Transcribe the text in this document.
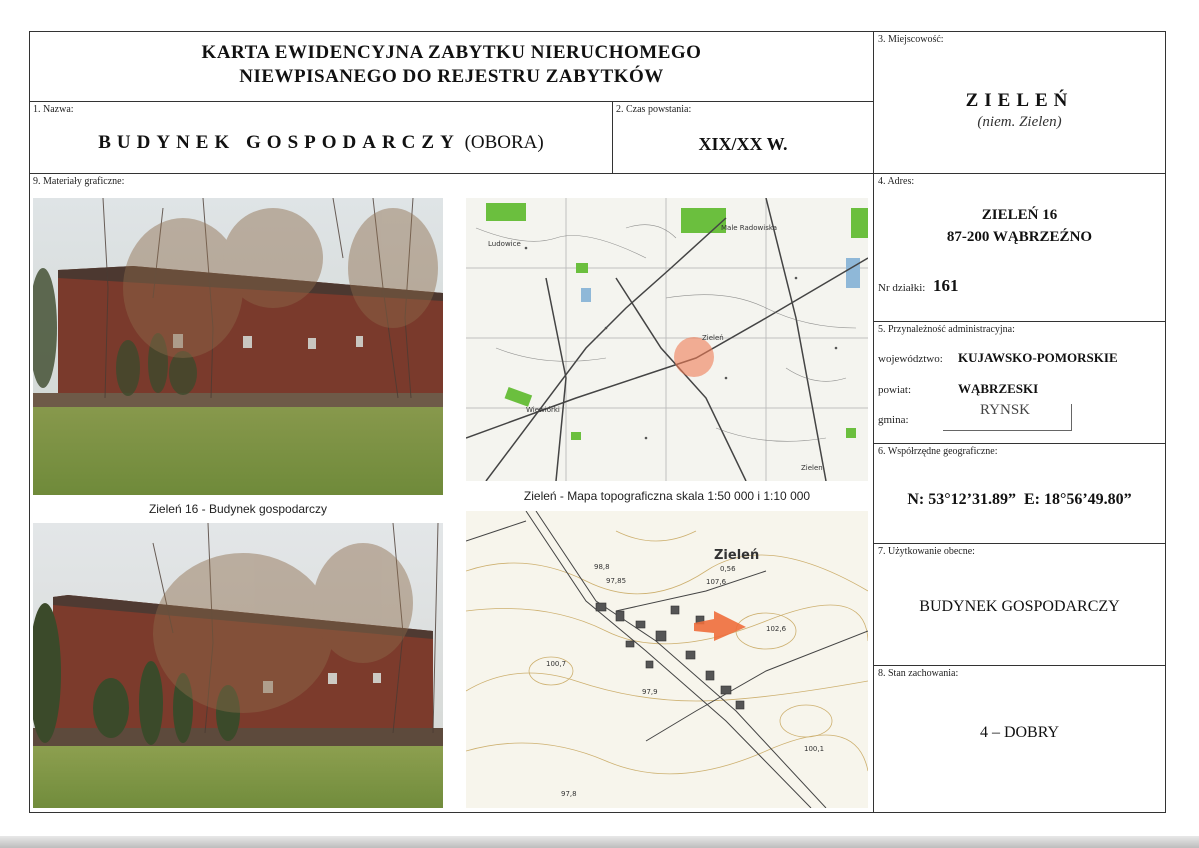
KARTA EWIDENCYJNA ZABYTKU NIERUCHOMEGO
NIEWPISANEGO DO REJESTRU ZABYTKÓW
1. Nazwa:
BUDYNEK GOSPODARCZY (OBORA)
2. Czas powstania:
XIX/XX W.
3. Miejscowość:
ZIELEŃ
(niem. Zielen)
4. Adres:
ZIELEŃ 16
87-200 WĄBRZEŹNO
Nr działki: 161
5. Przynależność administracyjna:
województwo: KUJAWSKO-POMORSKIE
powiat:	WĄBRZESKI
gmina:
RYNSK
6. Współrzędne geograficzne:
N: 53°12’31.89”  E: 18°56’49.80”
7. Użytkowanie obecne:
BUDYNEK GOSPODARCZY
8. Stan zachowania:
4 – DOBRY
9. Materiały graficzne:
Zieleń 16 - Budynek gospodarczy
Male Radowiska
Zieleń
Ludowice
Wiewiórki
Zielen
Zieleń - Mapa topograficzna skala 1:50 000 i 1:10 000
Zieleń
0,56
100,7
102,6
97,8
98,8
100,1
97,85	107,6
97,9
